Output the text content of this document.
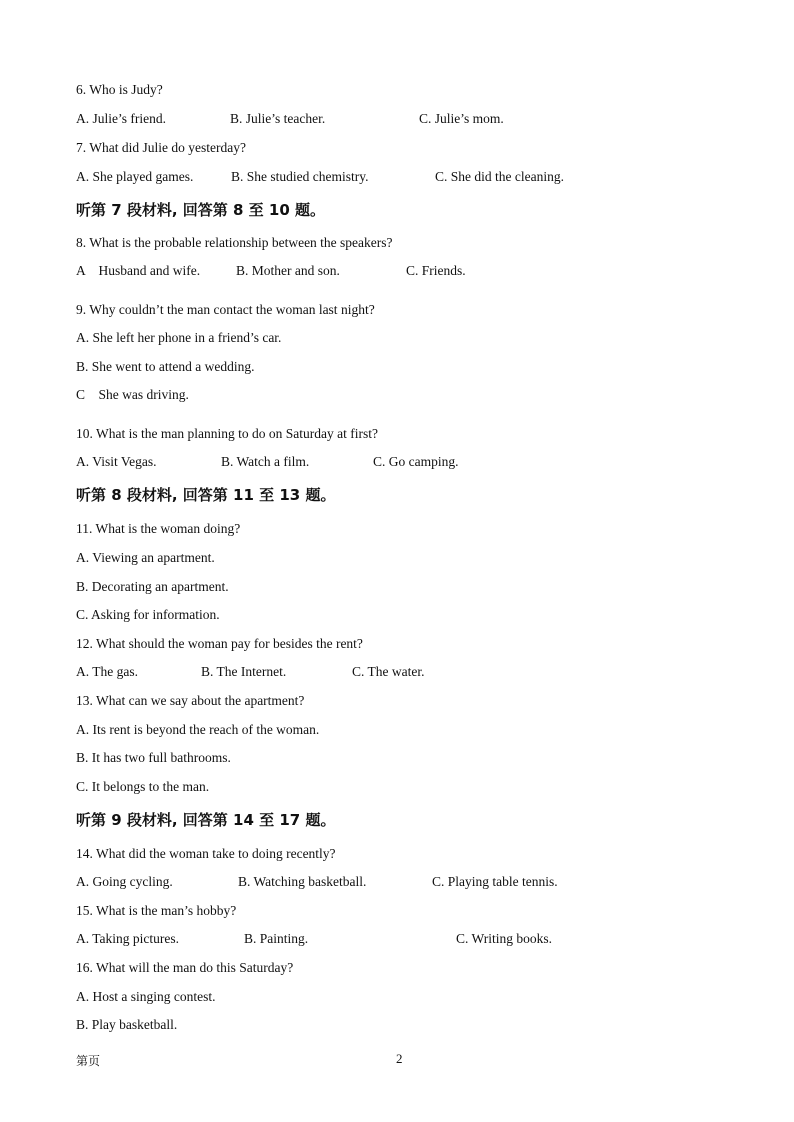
6. Who is Judy?
A. Julie’s friend.	B. Julie’s teacher.	C. Julie’s mom.
7. What did Julie do yesterday?
A. She played games.	B. She studied chemistry.	C. She did the cleaning.
听第 7 段材料, 回答第 8 至 10 题。
8. What is the probable relationship between the speakers?
A　Husband and wife.	B. Mother and son.	C. Friends.
9. Why couldn’t the man contact the woman last night?
A. She left her phone in a friend’s car.
B. She went to attend a wedding.
C　She was driving.
10. What is the man planning to do on Saturday at first?
A. Visit Vegas.	B. Watch a film.	C. Go camping.
听第 8 段材料, 回答第 11 至 13 题。
11. What is the woman doing?
A. Viewing an apartment.
B. Decorating an apartment.
C. Asking for information.
12. What should the woman pay for besides the rent?
A. The gas.	B. The Internet.	C. The water.
13. What can we say about the apartment?
A. Its rent is beyond the reach of the woman.
B. It has two full bathrooms.
C. It belongs to the man.
听第 9 段材料, 回答第 14 至 17 题。
14. What did the woman take to doing recently?
A. Going cycling.	B. Watching basketball.	C. Playing table tennis.
15. What is the man’s hobby?
A. Taking pictures.	B. Painting.	C. Writing books.
16. What will the man do this Saturday?
A. Host a singing contest.
B. Play basketball.
第页	2
